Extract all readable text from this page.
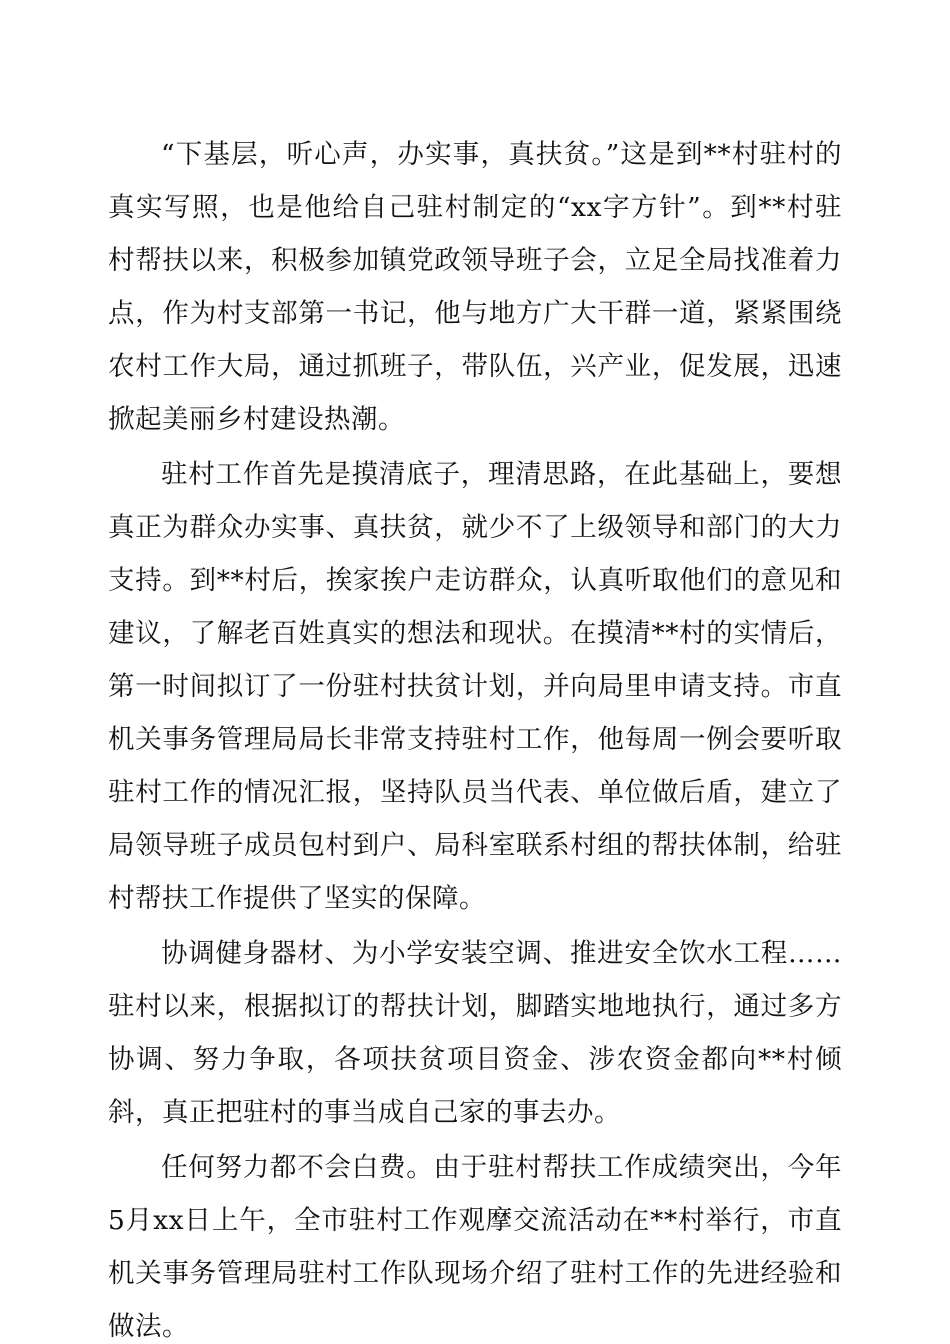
“下基层，听心声，办实事，真扶贫。”这是到**村驻村的真实写照，也是他给自己驻村制定的“xx字方针”。到**村驻村帮扶以来，积极参加镇党政领导班子会，立足全局找准着力点，作为村支部第一书记，他与地方广大干群一道，紧紧围绕农村工作大局，通过抓班子，带队伍，兴产业，促发展，迅速掀起美丽乡村建设热潮。

驻村工作首先是摸清底子，理清思路，在此基础上，要想真正为群众办实事、真扶贫，就少不了上级领导和部门的大力支持。到**村后，挨家挨户走访群众，认真听取他们的意见和建议，了解老百姓真实的想法和现状。在摸清**村的实情后，第一时间拟订了一份驻村扶贫计划，并向局里申请支持。市直机关事务管理局局长非常支持驻村工作，他每周一例会要听取驻村工作的情况汇报，坚持队员当代表、单位做后盾，建立了局领导班子成员包村到户、局科室联系村组的帮扶体制，给驻村帮扶工作提供了坚实的保障。

协调健身器材、为小学安装空调、推进安全饮水工程……驻村以来，根据拟订的帮扶计划，脚踏实地地执行，通过多方协调、努力争取，各项扶贫项目资金、涉农资金都向**村倾斜，真正把驻村的事当成自己家的事去办。

任何努力都不会白费。由于驻村帮扶工作成绩突出，今年5月xx日上午，全市驻村工作观摩交流活动在**村举行，市直机关事务管理局驻村工作队现场介绍了驻村工作的先进经验和做法。
